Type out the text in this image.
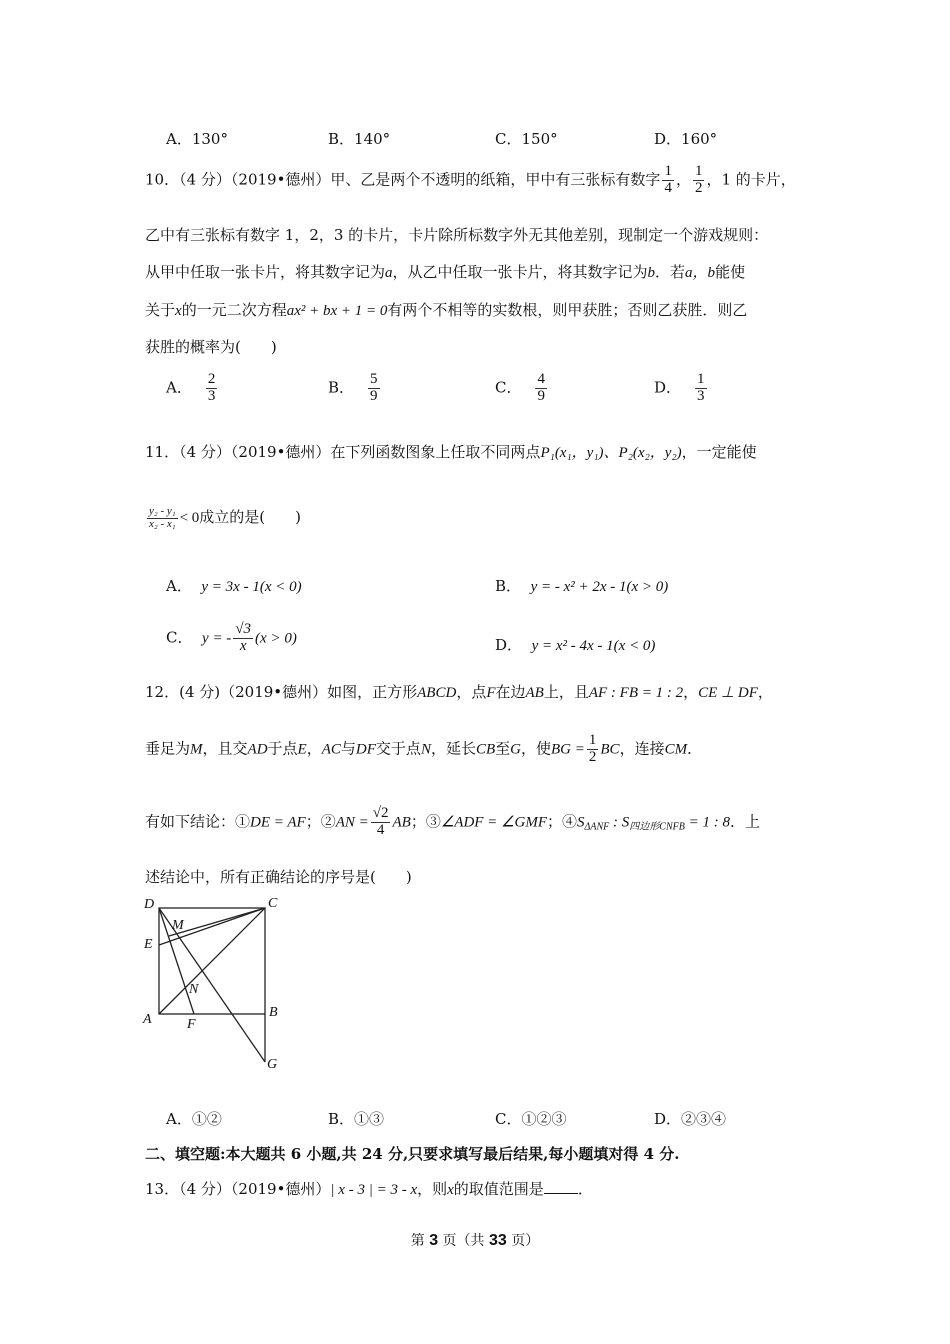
A．130°	B．140°	C．150°	D．160°
10．（4 分）（2019•德州）甲、乙是两个不透明的纸箱，甲中有三张标有数字 $\frac{1}{4}$ ， $\frac{1}{2}$ ，1 的卡片，
乙中有三张标有数字 1，2，3 的卡片，卡片除所标数字外无其他差别，现制定一个游戏规则：
从甲中任取一张卡片，将其数字记为a，从乙中任取一张卡片，将其数字记为b．若a，b能使
关于x的一元二次方程ax² + bx + 1 = 0有两个不相等的实数根，则甲获胜；否则乙获胜．则乙
获胜的概率为(　　)
A． $\frac{2}{3}$	B． $\frac{5}{9}$	C． $\frac{4}{9}$	D． $\frac{1}{3}$
11．（4 分）（2019•德州）在下列函数图象上任取不同两点P₁(x₁，y₁)、P₂(x₂，y₂)，一定能使
$\frac{\text{y₂ - y₁}}{\text{x₂ - x₁}} < 0$成立的是(　　)
A． y = 3x - 1(x < 0)	B． y = - x² + 2x - 1(x > 0)
C． y = - $\frac{√3}{x} (x > 0)$	D． y = x² - 4x - 1(x < 0)
12．(4 分)（2019•德州）如图，正方形ABCD，点F在边AB上，且AF : FB = 1 : 2，CE ⊥ DF，
垂足为M，且交AD于点E，AC与DF交于点N，延长CB至G，使BG = $\frac{1}{2}$ BC，连接CM．
有如下结论：①DE = AF；②AN = $\frac{√2}{4}$ AB；③∠ADF = ∠GMF；$④S_{\Delta ANF}$ : $S_{四边形CNFB} = 1$ : 8．上
述结论中，所有正确结论的序号是(　　)
D	C
M
E
N
A	F
B
G
A．①②	B．①③	C．①②③	D．②③④
二、填空题:本大题共 6 小题,共 24 分,只要求填写最后结果,每小题填对得 4 分.
13．（4 分）（2019•德州）| x - 3 | = 3 - x，则x的取值范围是 ．
第 3 页（共 33 页）
